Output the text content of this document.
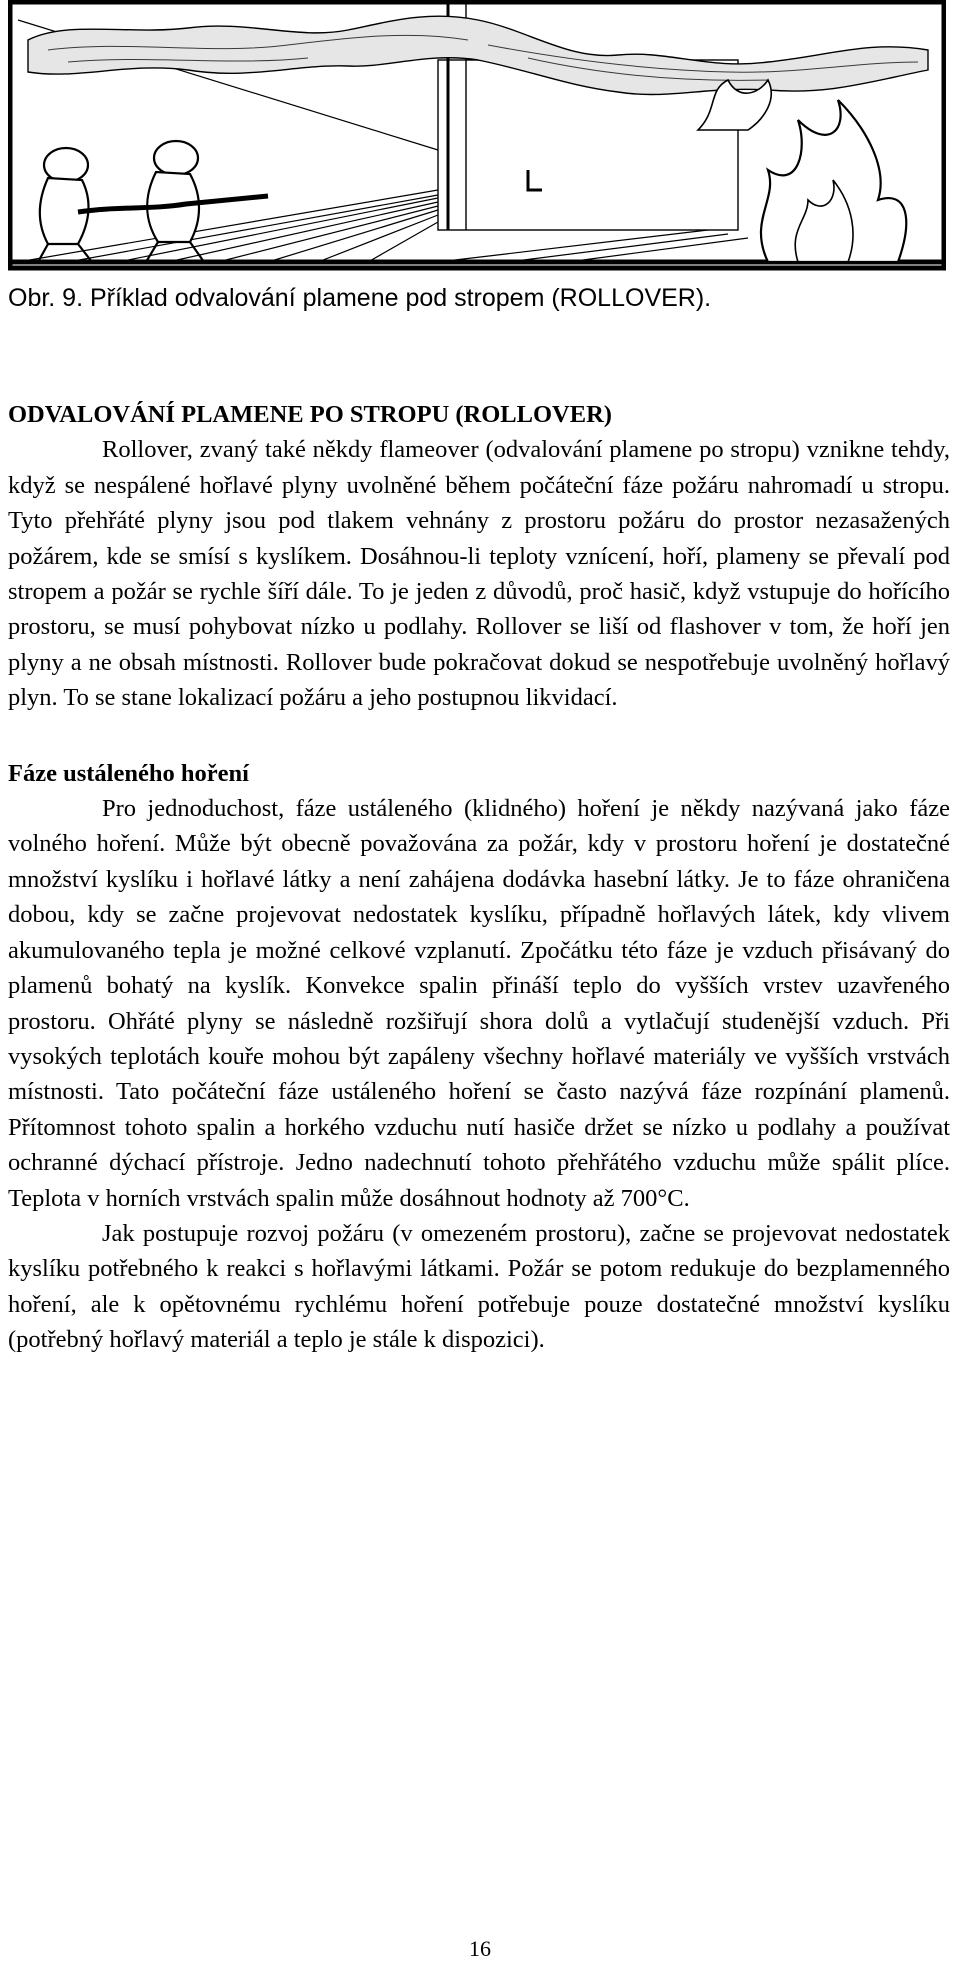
Obr. 9. Příklad odvalování plamene pod stropem (ROLLOVER).

ODVALOVÁNÍ PLAMENE PO STROPU (ROLLOVER)

Rollover, zvaný také někdy flameover (odvalování plamene po stropu) vznikne tehdy, když se nespálené hořlavé plyny uvolněné během počáteční fáze požáru nahromadí u stropu. Tyto přehřáté plyny jsou pod tlakem vehnány z prostoru požáru do prostor nezasažených požárem, kde se smísí s kyslíkem. Dosáhnou-li teploty vznícení, hoří, plameny se převalí pod stropem a požár se rychle šíří dále. To je jeden z důvodů, proč hasič, když vstupuje do hořícího prostoru, se musí pohybovat nízko u podlahy. Rollover se liší od flashover v tom, že hoří jen plyny a ne obsah místnosti. Rollover bude pokračovat dokud se nespotřebuje uvolněný hořlavý plyn. To se stane lokalizací požáru a jeho postupnou likvidací.

Fáze ustáleného hoření

Pro jednoduchost, fáze ustáleného (klidného) hoření je někdy nazývaná jako fáze volného hoření. Může být obecně považována za požár, kdy v prostoru hoření je dostatečné množství kyslíku i hořlavé látky a není zahájena dodávka hasební látky. Je to fáze ohraničena dobou, kdy se začne projevovat nedostatek kyslíku, případně hořlavých látek, kdy vlivem akumulovaného tepla je možné celkové vzplanutí. Zpočátku této fáze je vzduch přisávaný do plamenů bohatý na kyslík. Konvekce spalin přináší teplo do vyšších vrstev uzavřeného prostoru. Ohřáté plyny se následně rozšiřují shora dolů a vytlačují studenější vzduch. Při vysokých teplotách kouře mohou být zapáleny všechny hořlavé materiály ve vyšších vrstvách místnosti. Tato počáteční fáze ustáleného hoření se často nazývá fáze rozpínání plamenů. Přítomnost tohoto spalin a horkého vzduchu nutí hasiče držet se nízko u podlahy a používat ochranné dýchací přístroje. Jedno nadechnutí tohoto přehřátého vzduchu může spálit plíce. Teplota v horních vrstvách spalin může dosáhnout hodnoty až 700°C.

Jak postupuje rozvoj požáru (v omezeném prostoru), začne se projevovat nedostatek kyslíku potřebného k reakci s hořlavými látkami. Požár se potom redukuje do bezplamenného hoření, ale k opětovnému rychlému hoření potřebuje pouze dostatečné množství kyslíku (potřebný hořlavý materiál a teplo je stále k dispozici).

16
